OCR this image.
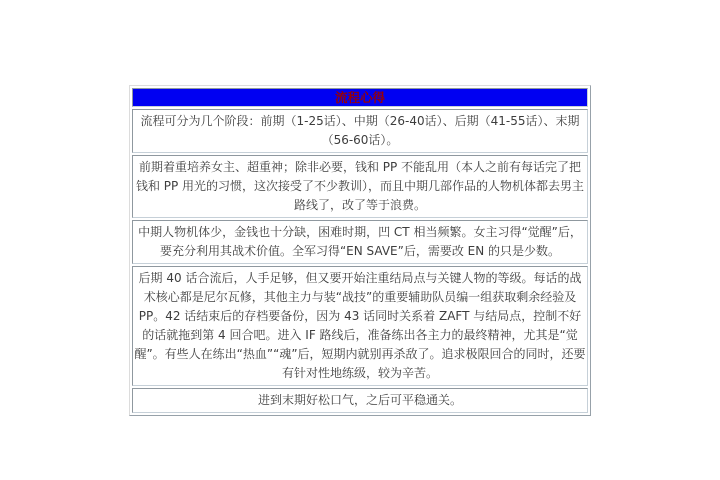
流程心得
流程可分为几个阶段：前期（1-25话）、中期（26-40话）、后期（41-55话）、末期（56-60话）。
前期着重培养女主、超重神；除非必要，钱和 PP 不能乱用（本人之前有每话完了把钱和 PP 用光的习惯，这次接受了不少教训），而且中期几部作品的人物机体都去男主路线了，改了等于浪费。
中期人物机体少，金钱也十分缺，困难时期，凹 CT 相当频繁。女主习得“觉醒”后，要充分利用其战术价值。全军习得“EN SAVE”后，需要改 EN 的只是少数。
后期 40 话合流后，人手足够，但又要开始注重结局点与关键人物的等级。每话的战术核心都是尼尔瓦修，其他主力与装“战技”的重要辅助队员编一组获取剩余经验及 PP。42 话结束后的存档要备份，因为 43 话同时关系着 ZAFT 与结局点，控制不好的话就拖到第 4 回合吧。进入 IF 路线后，准备练出各主力的最终精神，尤其是“觉醒”。有些人在练出“热血”“魂”后，短期内就别再杀敌了。追求极限回合的同时，还要有针对性地练级，较为辛苦。
进到末期好松口气，之后可平稳通关。
